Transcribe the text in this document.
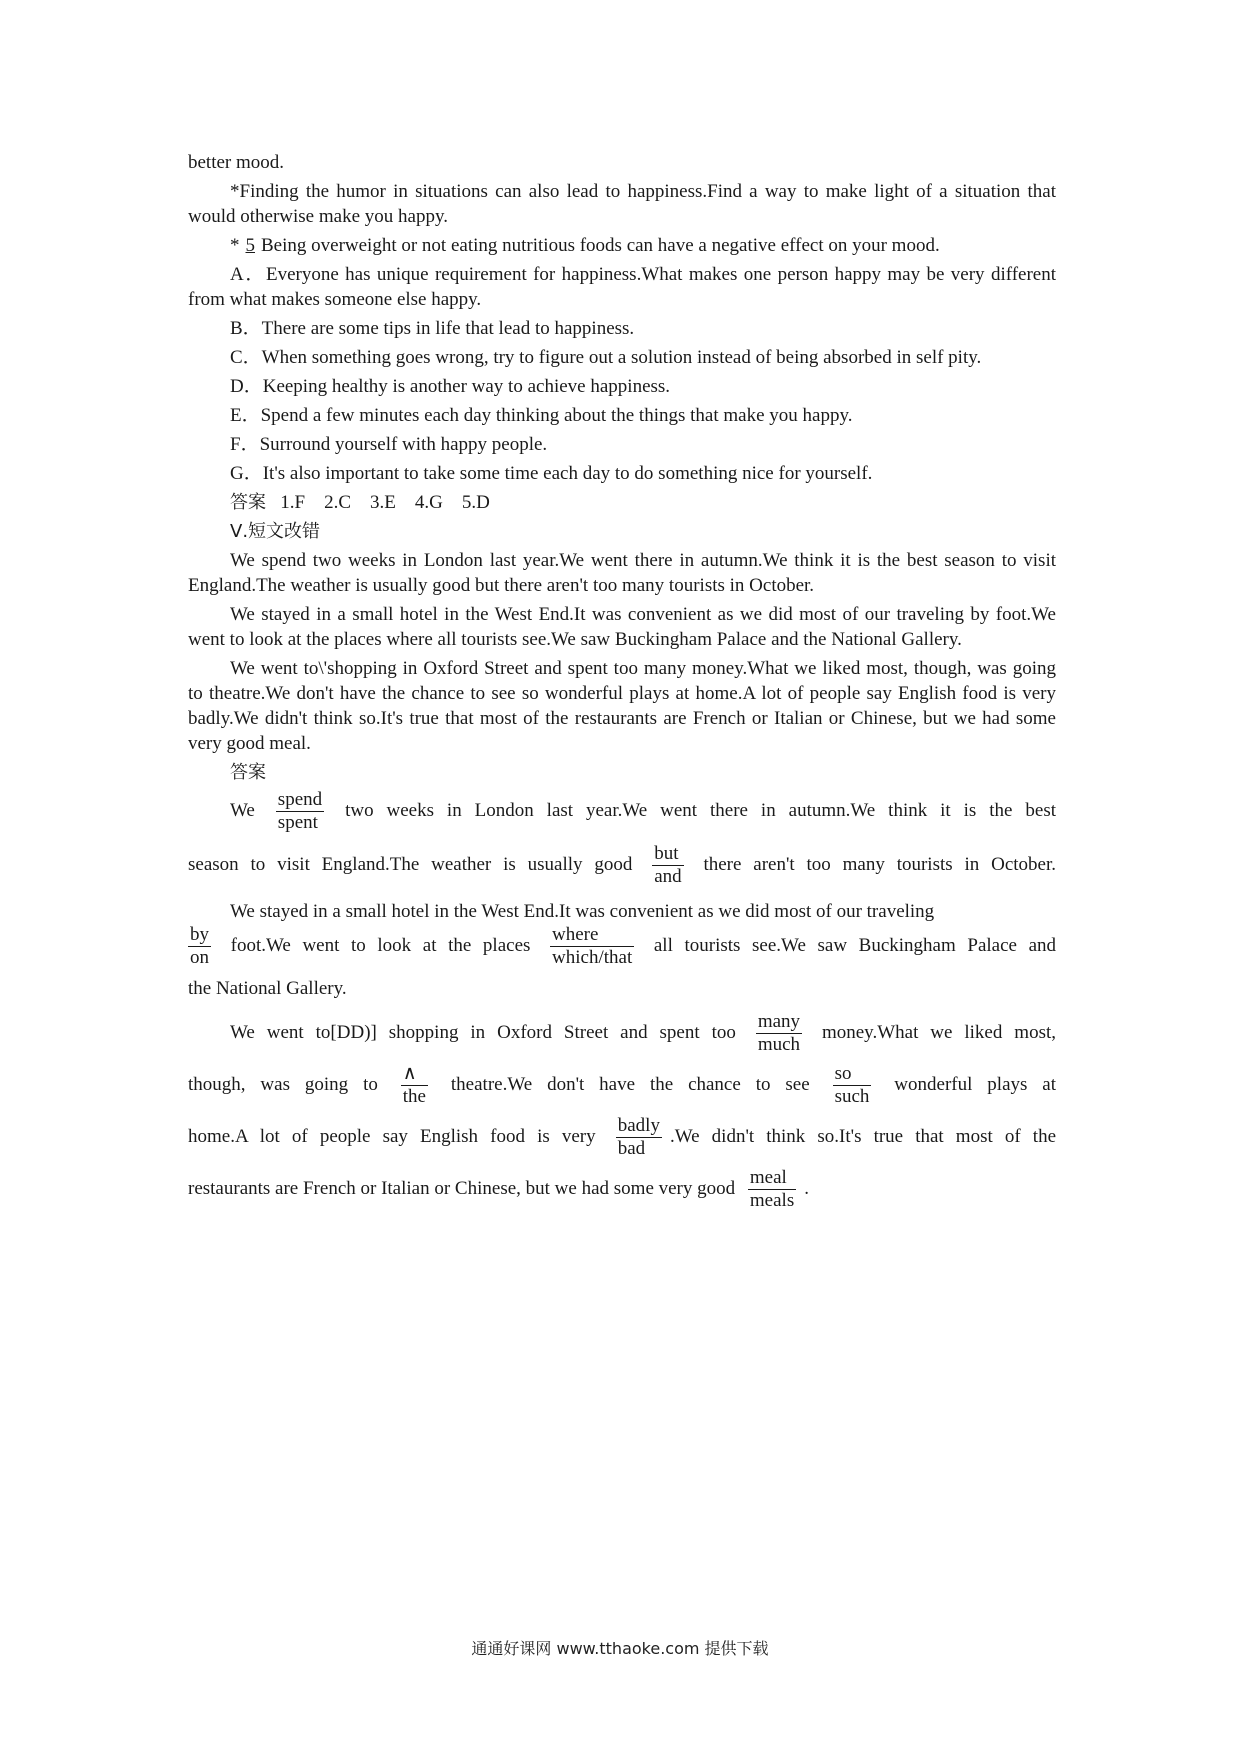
better mood.

*Finding the humor in situations can also lead to happiness.Find a way to make light of a situation that would otherwise make you happy.

* 5 Being overweight or not eating nutritious foods can have a negative effect on your mood.

A．Everyone has unique requirement for happiness.What makes one person happy may be very different from what makes someone else happy.

B．There are some tips in life that lead to happiness.

C．When something goes wrong, try to figure out a solution instead of being absorbed in self pity.

D．Keeping healthy is another way to achieve happiness.

E．Spend a few minutes each day thinking about the things that make you happy.

F．Surround yourself with happy people.

G．It's also important to take some time each day to do something nice for yourself.

答案 1.F　2.C　3.E　4.G　5.D

Ⅴ.短文改错

We spend two weeks in London last year.We went there in autumn.We think it is the best season to visit England.The weather is usually good but there aren't too many tourists in October.

We stayed in a small hotel in the West End.It was convenient as we did most of our traveling by foot.We went to look at the places where all tourists see.We saw Buckingham Palace and the National Gallery.

We went to\'shopping in Oxford Street and spent too many money.What we liked most, though, was going to theatre.We don't have the chance to see so wonderful plays at home.A lot of people say English food is very badly.We didn't think so.It's true that most of the restaurants are French or Italian or Chinese, but we had some very good meal.

答案

We $\frac{\text{spend}}{\text{spent}}$ two weeks in London last year.We went there in autumn.We think it is the best

season to visit England.The weather is usually good $\frac{\text{but}}{\text{and}}$ there aren't too many tourists in October.

We stayed in a small hotel in the West End.It was convenient as we did most of our traveling

$\frac{by}{on}$ foot.We went to look at the places $\frac{\text{where}}{\text{which/that}}$ all tourists see.We saw Buckingham Palace and

the National Gallery.

We went to[DD)] shopping in Oxford Street and spent too $\frac{\text{many}}{\text{much}}$ money.What we liked most,

though, was going to $\frac{\wedge}{\text{the}}$ theatre.We don't have the chance to see $\frac{so}{\text{such}}$ wonderful plays at

home.A lot of people say English food is very $\frac{\text{badly}}{\text{bad}} .We$ didn't think so.It's true that most of the

restaurants are French or Italian or Chinese, but we had some very good $\frac{\text{meal}}{\text{meals}}$ .

通通好课网 www.tthaoke.com 提供下载
